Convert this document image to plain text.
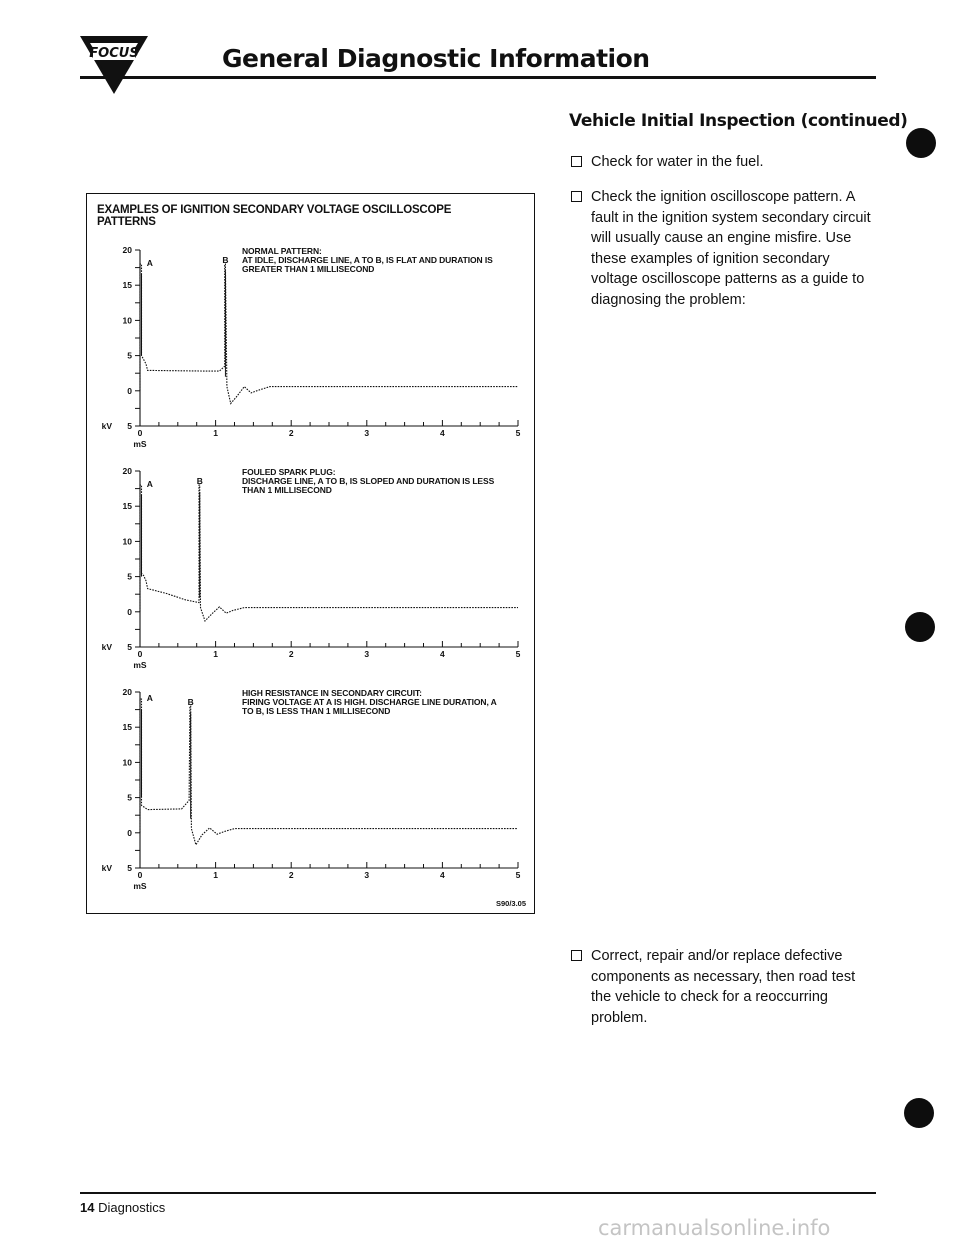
FOCUS	General Diagnostic Information
Vehicle Initial Inspection (continued)

Check for water in the fuel.

Check the ignition oscilloscope pattern. A fault in the ignition system secondary circuit will usually cause an engine misfire. Use these examples of ignition secondary voltage oscilloscope patterns as a guide to diagnosing the problem:

Correct, repair and/or replace defective components as necessary, then road test the vehicle to check for a reoccurring problem.

EXAMPLES OF IGNITION SECONDARY VOLTAGE OSCILLOSCOPE PATTERNS

NORMAL PATTERN:
AT IDLE, DISCHARGE LINE, A TO B, IS FLAT AND DURATION IS GREATER THAN 1 MILLISECOND

20
15
10
5
0
5
kV
0	1	2	3	4	5
mS
A	B

FOULED SPARK PLUG:
DISCHARGE LINE, A TO B, IS SLOPED AND DURATION IS LESS THAN 1 MILLISECOND

20
15
10
5
0
5
kV
0	1	2	3	4	5
mS
A	B

HIGH RESISTANCE IN SECONDARY CIRCUIT:
FIRING VOLTAGE AT A IS HIGH. DISCHARGE LINE DURATION, A TO B, IS LESS THAN 1 MILLISECOND

20
15
10
5
0
5
kV
0	1	2	3	4	5
mS
A	B

S90/3.05

14 Diagnostics

carmanualsonline.info
